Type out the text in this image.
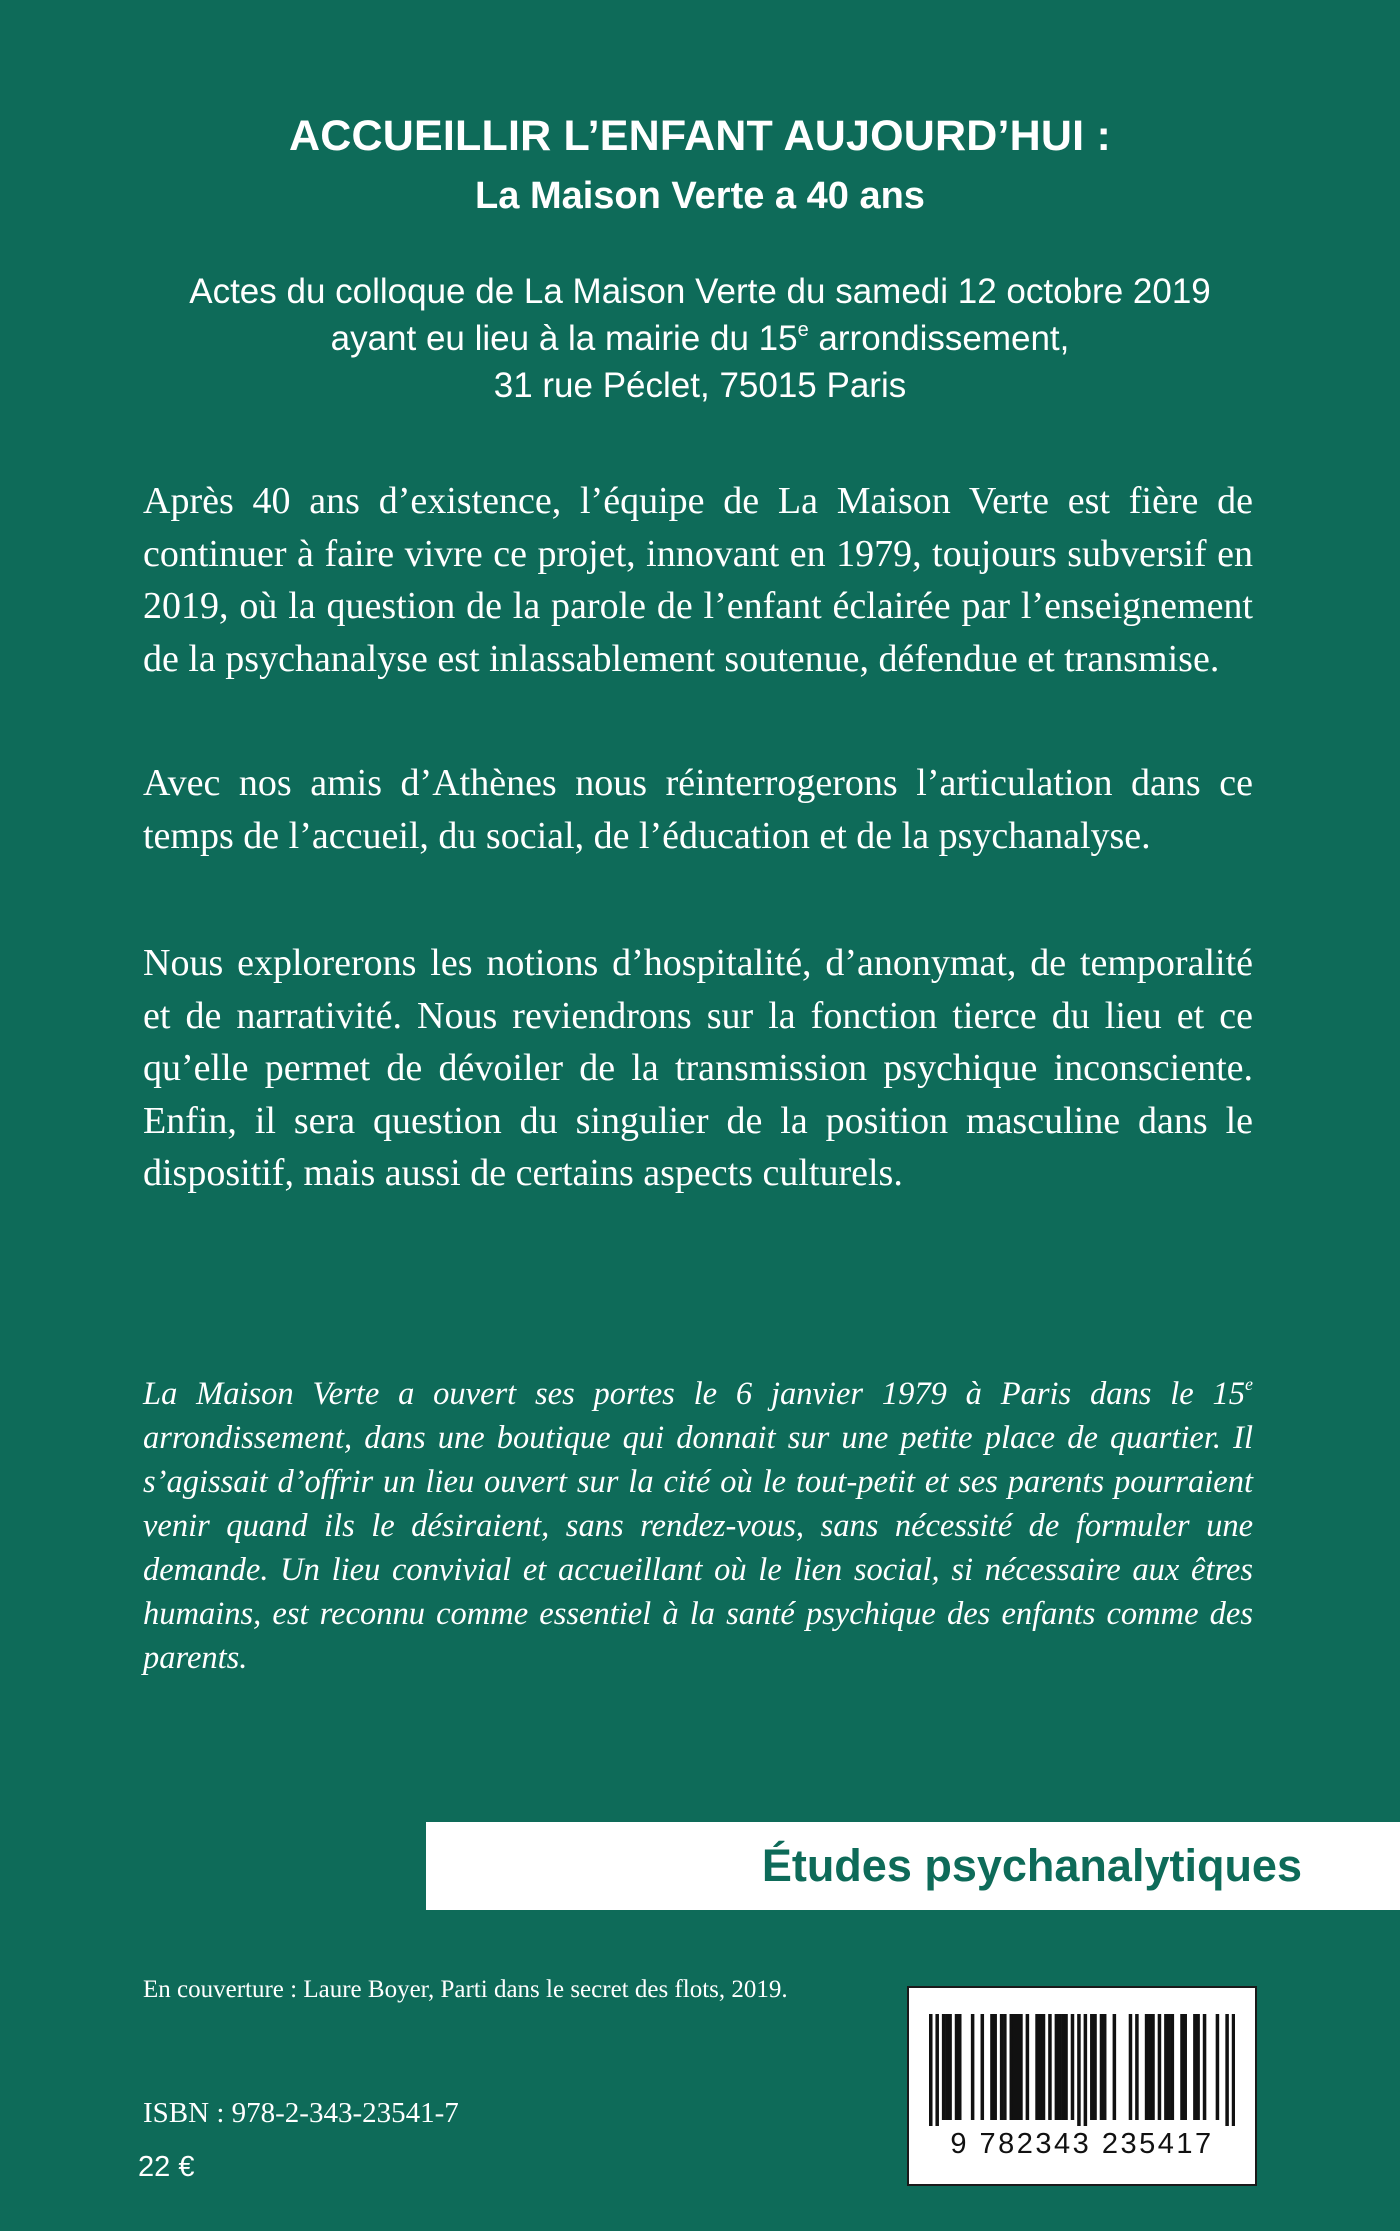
ACCUEILLIR L’ENFANT AUJOURD’HUI :
La Maison Verte a 40 ans
Actes du colloque de La Maison Verte du samedi 12 octobre 2019
ayant eu lieu à la mairie du 15e arrondissement,
31 rue Péclet, 75015 Paris

Après 40 ans d’existence, l’équipe de La Maison Verte est fière de continuer à faire vivre ce projet, innovant en 1979, toujours subversif en 2019, où la question de la parole de l’enfant éclairée par l’enseignement de la psychanalyse est inlassablement soutenue, défendue et transmise.

Avec nos amis d’Athènes nous réinterrogerons l’articulation dans ce temps de l’accueil, du social, de l’éducation et de la psychanalyse.

Nous explorerons les notions d’hospitalité, d’anonymat, de temporalité et de narrativité. Nous reviendrons sur la fonction tierce du lieu et ce qu’elle permet de dévoiler de la transmission psychique inconsciente. Enfin, il sera question du singulier de la position masculine dans le dispositif, mais aussi de certains aspects culturels.

La Maison Verte a ouvert ses portes le 6 janvier 1979 à Paris dans le 15e arrondissement, dans une boutique qui donnait sur une petite place de quartier. Il s’agissait d’offrir un lieu ouvert sur la cité où le tout-petit et ses parents pourraient venir quand ils le désiraient, sans rendez-vous, sans nécessité de formuler une demande. Un lieu convivial et accueillant où le lien social, si nécessaire aux êtres humains, est reconnu comme essentiel à la santé psychique des enfants comme des parents.

Études psychanalytiques
En couverture : Laure Boyer, Parti dans le secret des flots, 2019.
ISBN : 978-2-343-23541-7
22 €
9 782343 235417
